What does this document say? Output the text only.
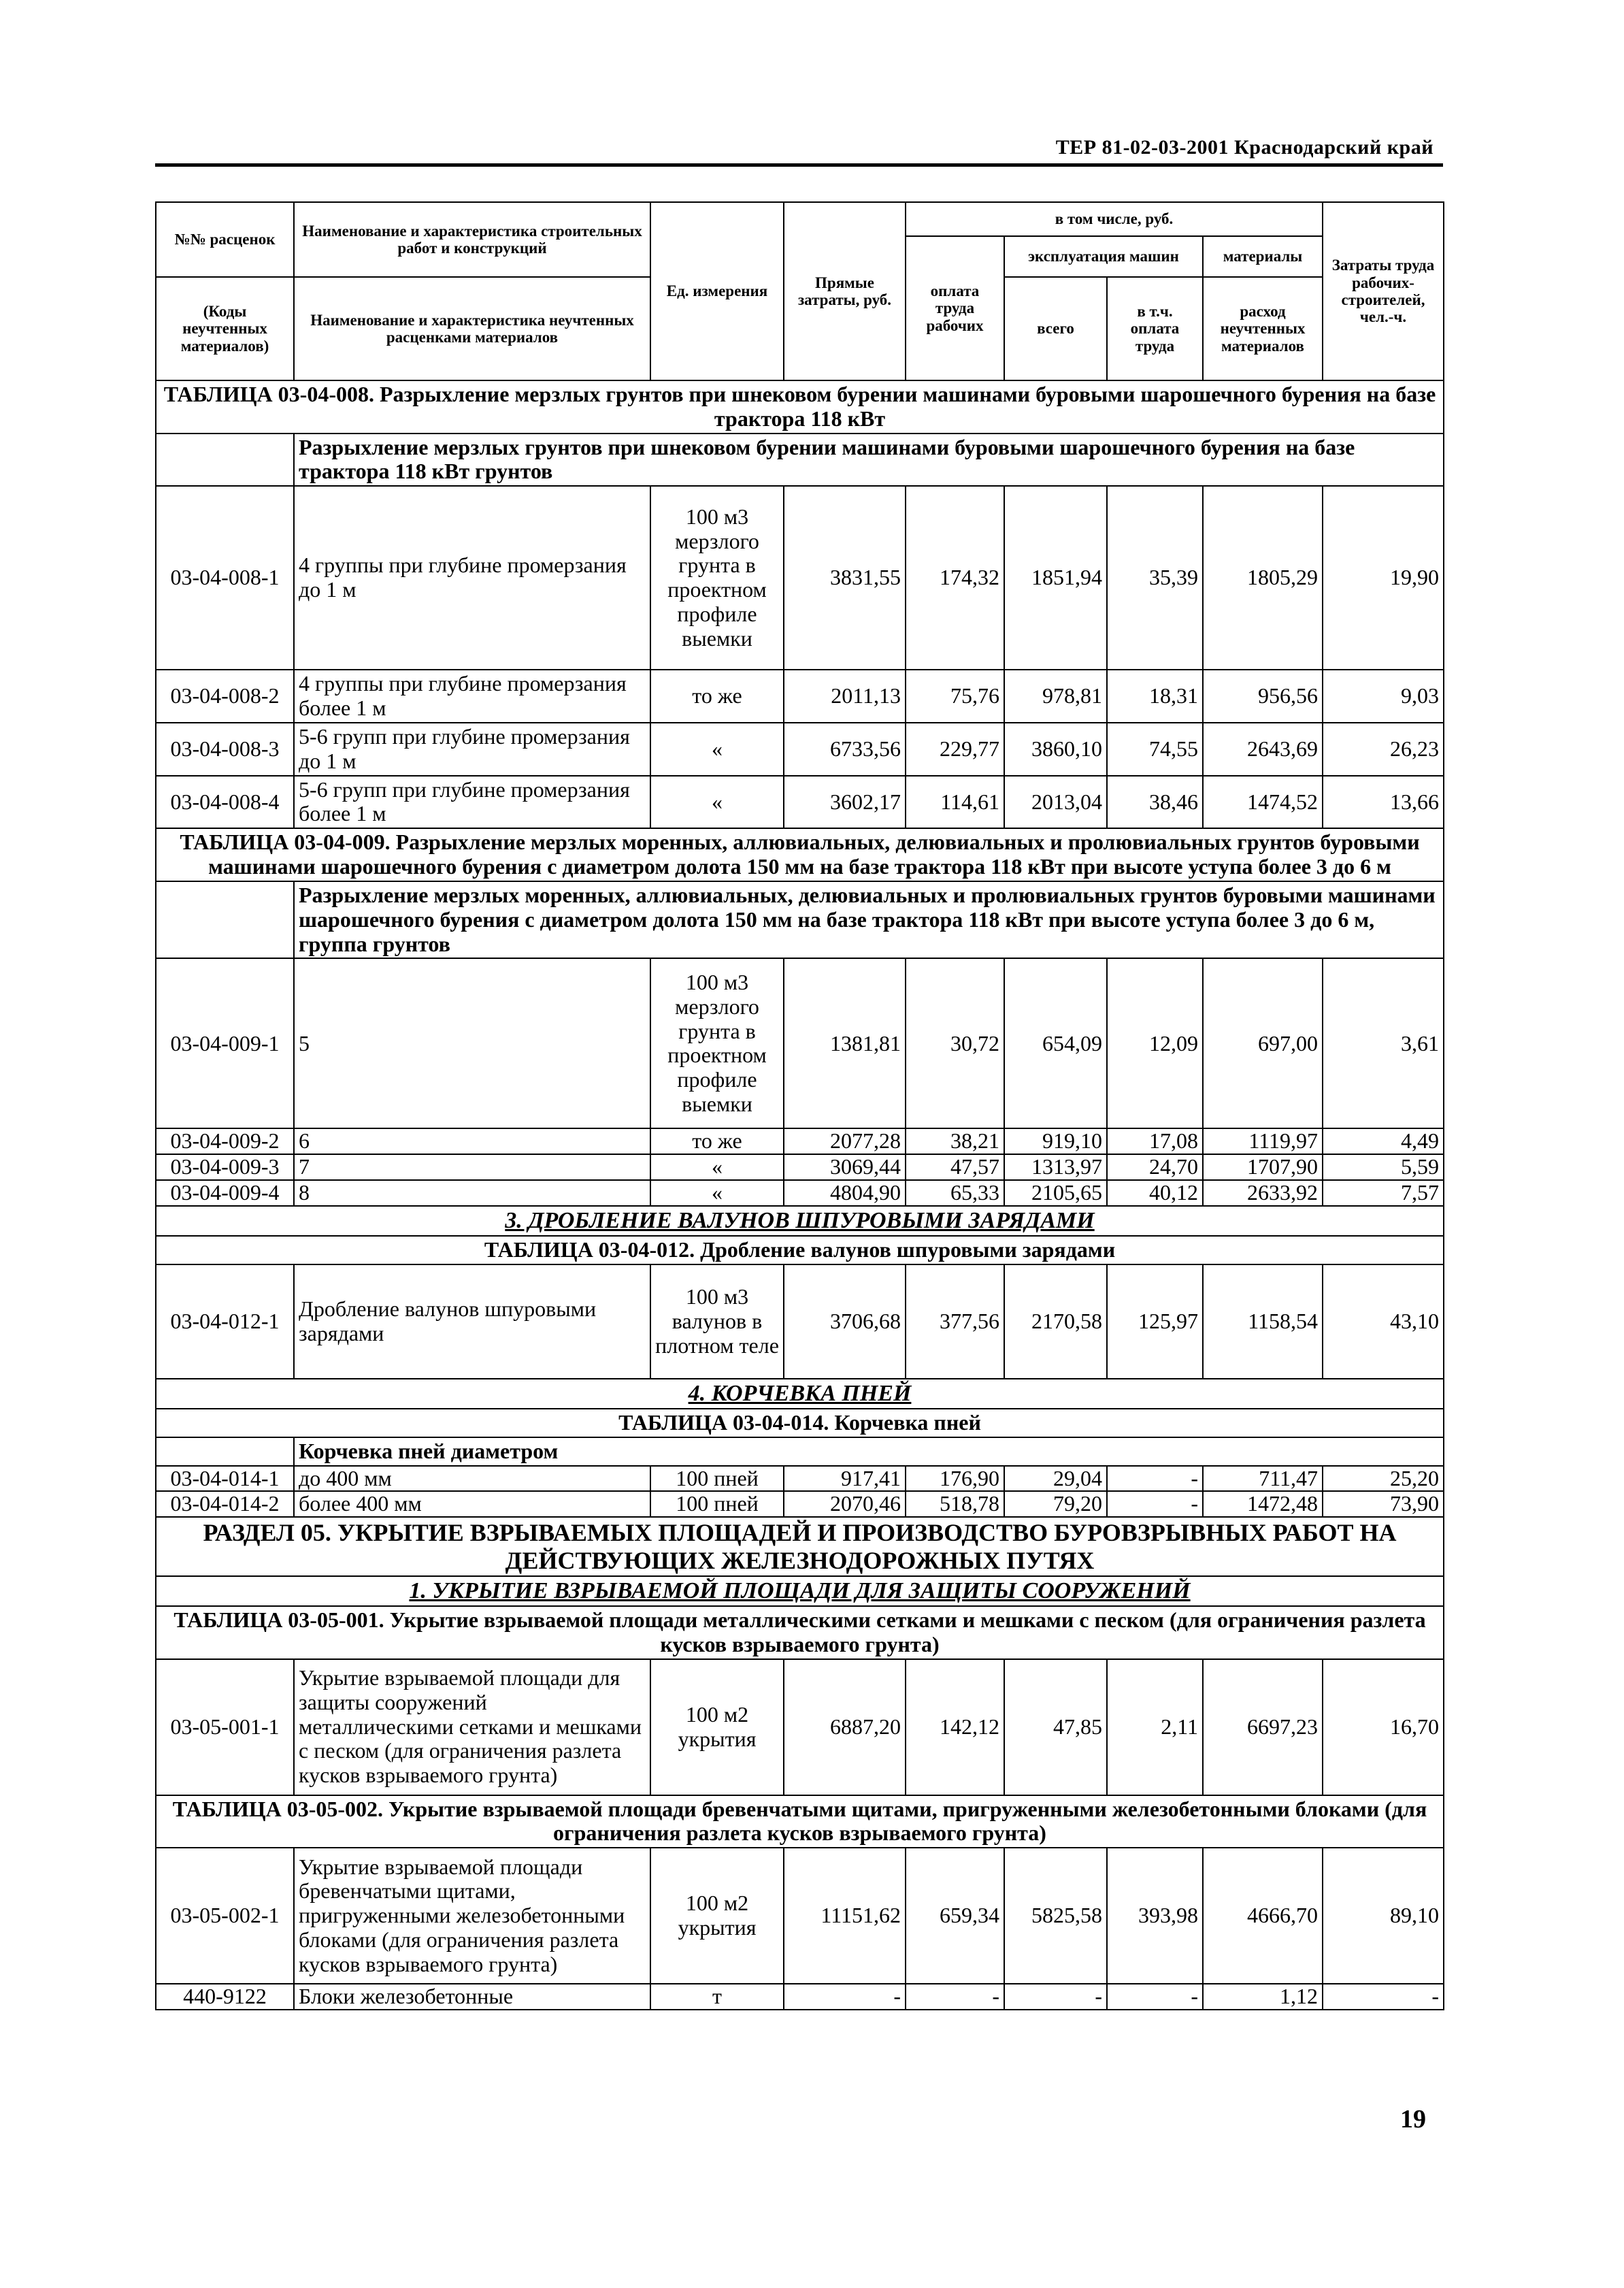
ТЕР 81-02-03-2001 Краснодарский край
№№ расценок	Наименование и характеристика строительных работ и конструкций	Ед. измерения	Прямые затраты, руб.	в том числе, руб.				Затраты труда рабочих-строителей, чел.-ч.
				оплата труда рабочих	эксплуатация машин		материалы	
(Коды неучтенных материалов)	Наименование и характеристика неучтенных расценками материалов				всего	в т.ч. оплата труда	расход неучтенных материалов	

ТАБЛИЦА 03-04-008. Разрыхление мерзлых грунтов при шнековом бурении машинами буровыми шарошечного бурения на базе трактора 118 кВт								
	Разрыхление мерзлых грунтов при шнековом бурении машинами буровыми шарошечного бурения на базе трактора 118 кВт грунтов							
03-04-008-1	4 группы при глубине промерзания до 1 м	100 м3 мерзлого грунта в проектном профиле выемки	3831,55	174,32	1851,94	35,39	1805,29	19,90
03-04-008-2	4 группы при глубине промерзания более 1 м	то же	2011,13	75,76	978,81	18,31	956,56	9,03
03-04-008-3	5-6 групп при глубине промерзания до 1 м	«	6733,56	229,77	3860,10	74,55	2643,69	26,23
03-04-008-4	5-6 групп при глубине промерзания более 1 м	«	3602,17	114,61	2013,04	38,46	1474,52	13,66
ТАБЛИЦА 03-04-009. Разрыхление мерзлых моренных, аллювиальных, делювиальных и пролювиальных грунтов буровыми машинами шарошечного бурения с диаметром долота 150 мм на базе трактора 118 кВт при высоте уступа более 3 до 6 м								
	Разрыхление мерзлых моренных, аллювиальных, делювиальных и пролювиальных грунтов буровыми машинами шарошечного бурения с диаметром долота 150 мм на базе трактора 118 кВт при высоте уступа более 3 до 6 м, группа грунтов							
03-04-009-1	5	100 м3 мерзлого грунта в проектном профиле выемки	1381,81	30,72	654,09	12,09	697,00	3,61
03-04-009-2	6	то же	2077,28	38,21	919,10	17,08	1119,97	4,49
03-04-009-3	7	«	3069,44	47,57	1313,97	24,70	1707,90	5,59
03-04-009-4	8	«	4804,90	65,33	2105,65	40,12	2633,92	7,57
3. ДРОБЛЕНИЕ ВАЛУНОВ ШПУРОВЫМИ ЗАРЯДАМИ								
ТАБЛИЦА 03-04-012. Дробление валунов шпуровыми зарядами								
03-04-012-1	Дробление валунов шпуровыми зарядами	100 м3 валунов в плотном теле	3706,68	377,56	2170,58	125,97	1158,54	43,10
4. КОРЧЕВКА ПНЕЙ								
ТАБЛИЦА 03-04-014. Корчевка пней								
	Корчевка пней диаметром							
03-04-014-1	до 400 мм	100 пней	917,41	176,90	29,04	-	711,47	25,20
03-04-014-2	более 400 мм	100 пней	2070,46	518,78	79,20	-	1472,48	73,90
РАЗДЕЛ 05. УКРЫТИЕ ВЗРЫВАЕМЫХ ПЛОЩАДЕЙ И ПРОИЗВОДСТВО БУРОВЗРЫВНЫХ РАБОТ НА ДЕЙСТВУЮЩИХ ЖЕЛЕЗНОДОРОЖНЫХ ПУТЯХ								
1. УКРЫТИЕ ВЗРЫВАЕМОЙ ПЛОЩАДИ ДЛЯ ЗАЩИТЫ СООРУЖЕНИЙ								
ТАБЛИЦА 03-05-001. Укрытие взрываемой площади металлическими сетками и мешками с песком (для ограничения разлета кусков взрываемого грунта)								
03-05-001-1	Укрытие взрываемой площади для защиты сооружений металлическими сетками и мешками с песком (для ограничения разлета кусков взрываемого грунта)	100 м2 укрытия	6887,20	142,12	47,85	2,11	6697,23	16,70
ТАБЛИЦА 03-05-002. Укрытие взрываемой площади бревенчатыми щитами, пригруженными железобетонными блоками (для ограничения разлета кусков взрываемого грунта)								
03-05-002-1	Укрытие взрываемой площади бревенчатыми щитами, пригруженными железобетонными блоками (для ограничения разлета кусков взрываемого грунта)	100 м2 укрытия	11151,62	659,34	5825,58	393,98	4666,70	89,10
440-9122	Блоки железобетонные	т	-	-	-	-	1,12	-
19
